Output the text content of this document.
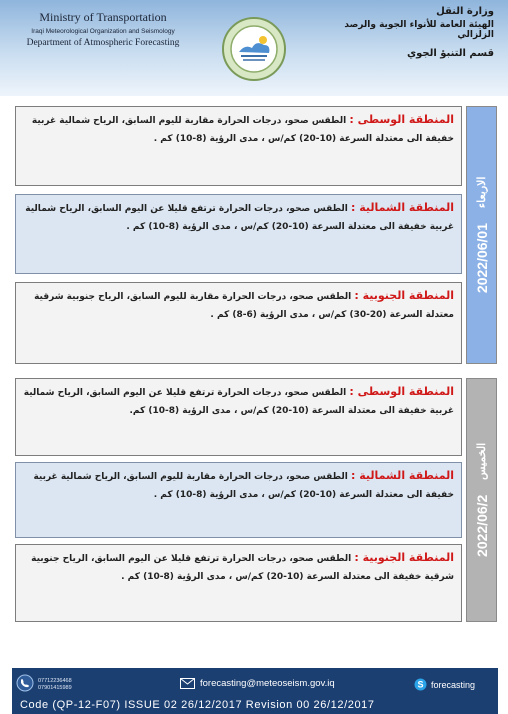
Ministry of Transportation
Iraqi Meteorological Organization and Seismology
Department of Atmospheric Forecasting
وزارة النقل
الهيئة العامة للأنواء الجوية والرصد الزلزالي
قسم التنبؤ الجوي
المنطقة الوسطى : الطقس صحو، درجات الحرارة مقاربة لليوم السابق، الرياح شمالية غربية خفيفة الى معتدلة السرعة (10-20) كم/س ، مدى الرؤية (8-10) كم .
المنطقة الشمالية : الطقس صحو، درجات الحرارة ترتفع قليلا عن اليوم السابق، الرياح شمالية غربية خفيفة الى معتدلة السرعة (10-20) كم/س ، مدى الرؤية (8-10) كم .
المنطقة الجنوبية : الطقس صحو، درجات الحرارة مقاربة لليوم السابق، الرياح جنوبية شرقية معتدلة السرعة (20-30) كم/س ، مدى الرؤية (6-8) كم .
2022/06/01 الاربعاء
المنطقة الوسطى : الطقس صحو، درجات الحرارة ترتفع قليلا عن اليوم السابق، الرياح شمالية غربية خفيفة الى معتدلة السرعة (10-20) كم/س ، مدى الرؤية (8-10) كم.
المنطقة الشمالية : الطقس صحو، درجات الحرارة مقاربة لليوم السابق، الرياح شمالية غربية خفيفة الى معتدلة السرعة (10-20) كم/س ، مدى الرؤية (8-10) كم .
المنطقة الجنوبية : الطقس صحو، درجات الحرارة ترتفع قليلا عن اليوم السابق، الرياح جنوبية شرقية خفيفة الى معتدلة السرعة (10-20) كم/س ، مدى الرؤية (8-10) كم .
2022/06/2 الخميس
07712236468
07901415989	forecasting@meteoseism.gov.iq	S forecasting
Code (QP-12-F07) ISSUE 02 26/12/2017 Revision 00 26/12/2017
